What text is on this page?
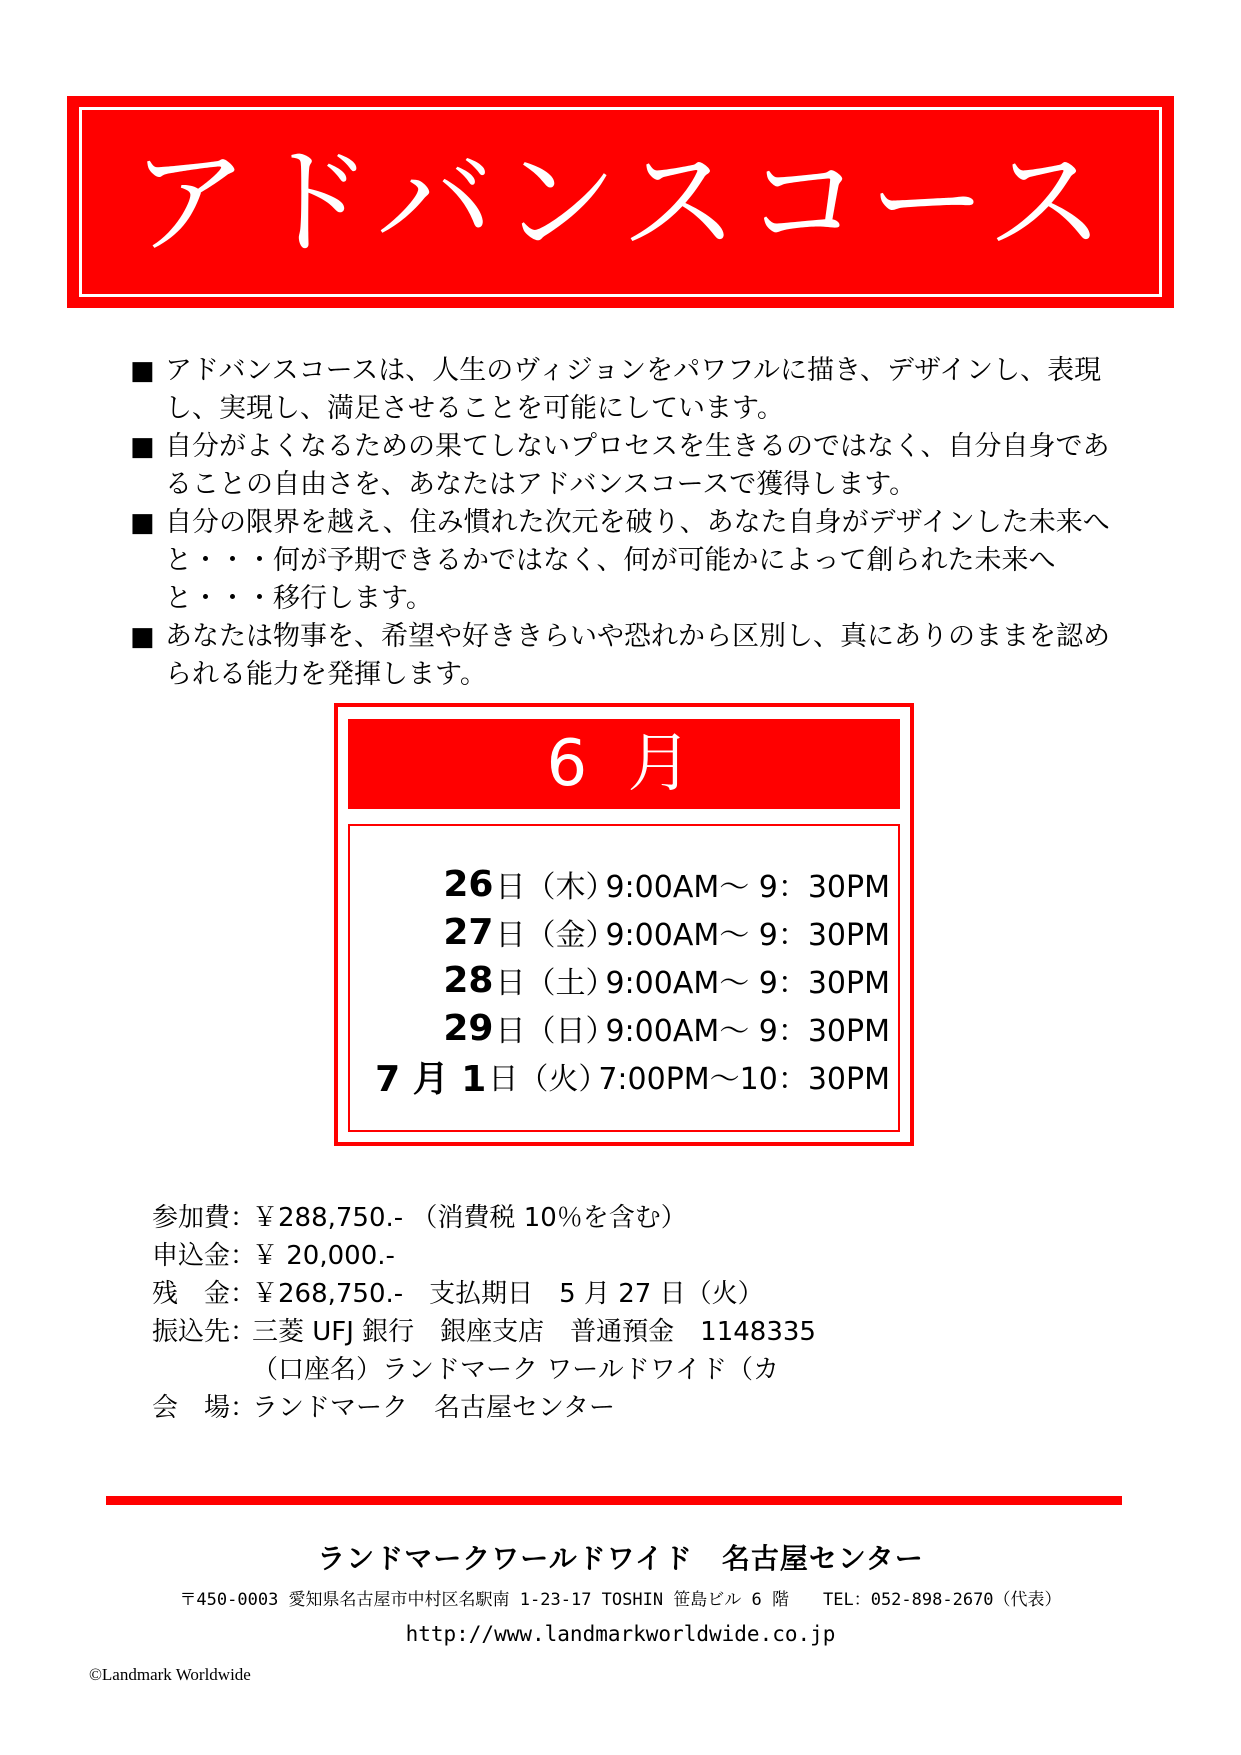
アドバンスコース
■ アドバンスコースは、人生のヴィジョンをパワフルに描き、デザインし、表現し、実現し、満足させることを可能にしています。
■ 自分がよくなるための果てしないプロセスを生きるのではなく、自分自身であることの自由さを、あなたはアドバンスコースで獲得します。
■ 自分の限界を越え、住み慣れた次元を破り、あなた自身がデザインした未来へと・・・何が予期できるかではなく、何が可能かによって創られた未来へと・・・移行します。
■ あなたは物事を、希望や好ききらいや恐れから区別し、真にありのままを認められる能力を発揮します。
6 月
26 日（木）
9:00AM～ 9：30PM
27 日（金）
9:00AM～ 9：30PM
28 日（土）
9:00AM～ 9：30PM
29 日（日）
9:00AM～ 9：30PM
7 月 1 日（火）
7:00PM～10：30PM
参加費：
￥288,750.- （消費税 10％を含む）
申込金：
￥ 20,000.-
残　金：
￥268,750.-　支払期日　5 月 27 日（火）
振込先：
三菱 UFJ 銀行　銀座支店　普通預金　1148335
（口座名）ランドマーク ワールドワイド（カ
会　場：
ランドマーク　名古屋センター
ランドマークワールドワイド　名古屋センター
〒450-0003 愛知県名古屋市中村区名駅南 1-23-17 TOSHIN 笹島ビル 6 階　　TEL：052-898-2670（代表）
http://www.landmarkworldwide.co.jp
©Landmark Worldwide
